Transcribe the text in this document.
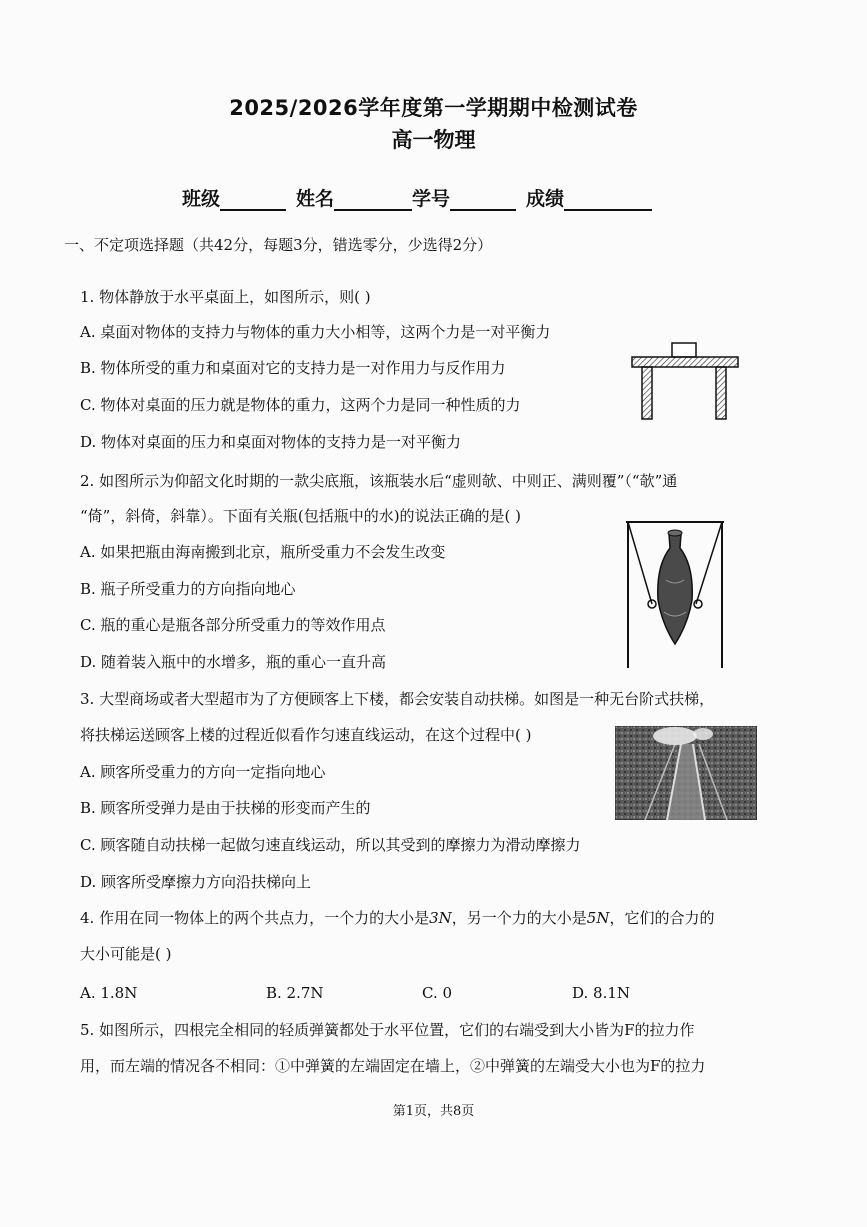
2025/2026学年度第一学期期中检测试卷
高一物理
班级	姓名	学号	成绩
一、不定项选择题（共42分，每题3分，错选零分，少选得2分）
1. 物体静放于水平桌面上，如图所示，则( )
A. 桌面对物体的支持力与物体的重力大小相等，这两个力是一对平衡力
B. 物体所受的重力和桌面对它的支持力是一对作用力与反作用力
C. 物体对桌面的压力就是物体的重力，这两个力是同一种性质的力
D. 物体对桌面的压力和桌面对物体的支持力是一对平衡力
2. 如图所示为仰韶文化时期的一款尖底瓶，该瓶装水后“虚则欹、中则正、满则覆”（“欹”通
“倚”，斜倚，斜靠）。下面有关瓶(包括瓶中的水)的说法正确的是( )
A. 如果把瓶由海南搬到北京，瓶所受重力不会发生改变
B. 瓶子所受重力的方向指向地心
C. 瓶的重心是瓶各部分所受重力的等效作用点
D. 随着装入瓶中的水增多，瓶的重心一直升高
3. 大型商场或者大型超市为了方便顾客上下楼，都会安装自动扶梯。如图是一种无台阶式扶梯，
将扶梯运送顾客上楼的过程近似看作匀速直线运动，在这个过程中( )
A. 顾客所受重力的方向一定指向地心
B. 顾客所受弹力是由于扶梯的形变而产生的
C. 顾客随自动扶梯一起做匀速直线运动，所以其受到的摩擦力为滑动摩擦力
D. 顾客所受摩擦力方向沿扶梯向上
4. 作用在同一物体上的两个共点力，一个力的大小是3N，另一个力的大小是5N，它们的合力的
大小可能是( )
A. 1.8N	B. 2.7N	C. 0	D. 8.1N
5. 如图所示，四根完全相同的轻质弹簧都处于水平位置，它们的右端受到大小皆为F的拉力作
用，而左端的情况各不相同：①中弹簧的左端固定在墙上，②中弹簧的左端受大小也为F的拉力
第1页，共8页
